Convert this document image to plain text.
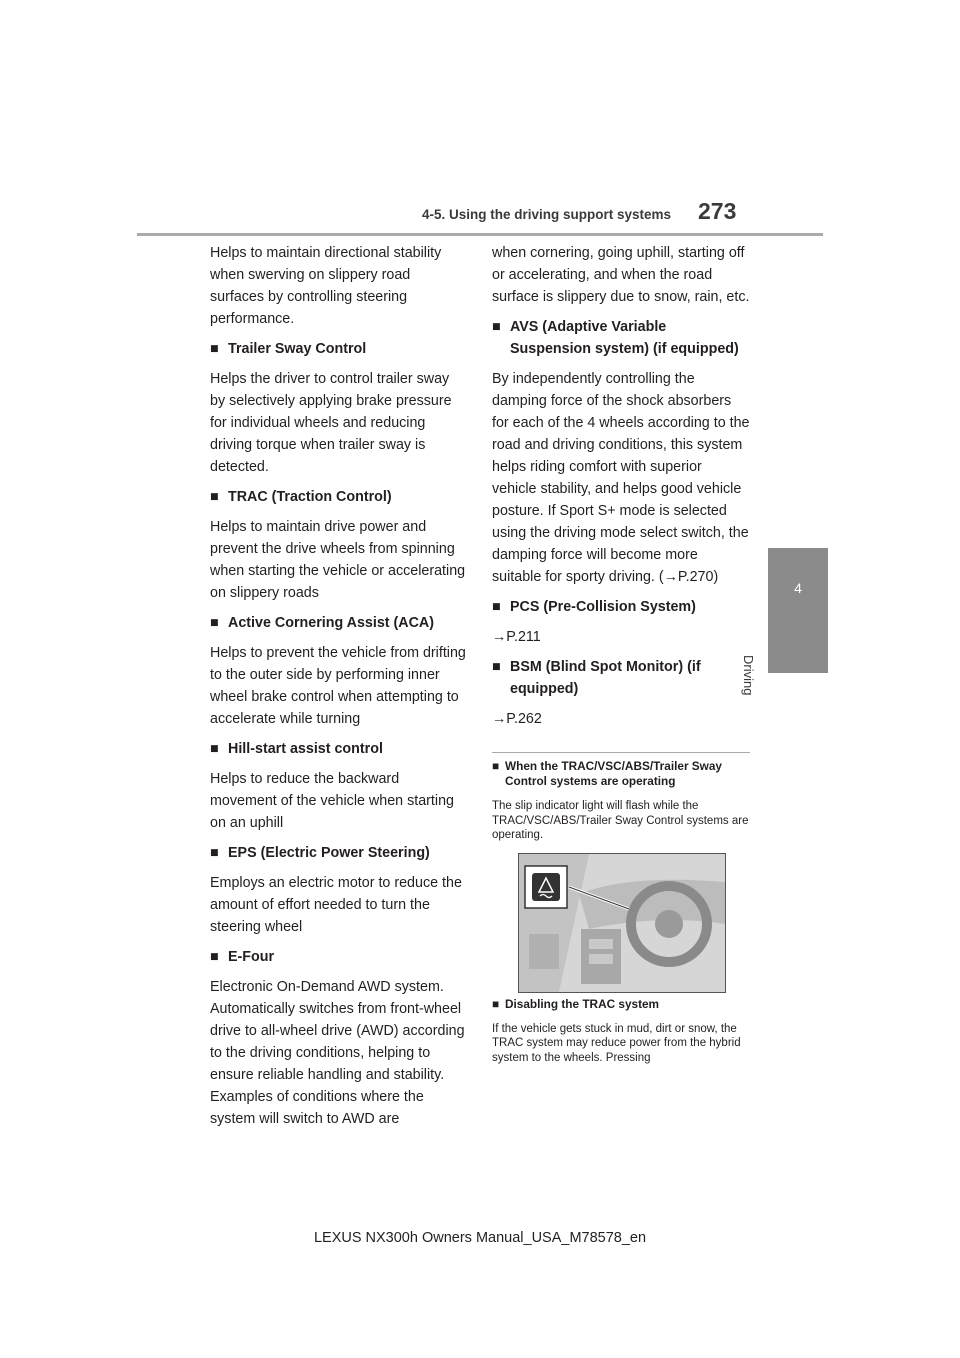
4-5. Using the driving support systems 273
4
Driving

Helps to maintain directional stability when swerving on slippery road surfaces by controlling steering performance.

■ Trailer Sway Control

Helps the driver to control trailer sway by selectively applying brake pressure for individual wheels and reducing driving torque when trailer sway is detected.

■ TRAC (Traction Control)

Helps to maintain drive power and prevent the drive wheels from spinning when starting the vehicle or accelerating on slippery roads

■ Active Cornering Assist (ACA)

Helps to prevent the vehicle from drifting to the outer side by performing inner wheel brake control when attempting to accelerate while turning

■ Hill-start assist control

Helps to reduce the backward movement of the vehicle when starting on an uphill

■ EPS (Electric Power Steering)

Employs an electric motor to reduce the amount of effort needed to turn the steering wheel

■ E-Four

Electronic On-Demand AWD system. Automatically switches from front-wheel drive to all-wheel drive (AWD) according to the driving conditions, helping to ensure reliable handling and stability. Examples of conditions where the system will switch to AWD are

when cornering, going uphill, starting off or accelerating, and when the road surface is slippery due to snow, rain, etc.

■ AVS (Adaptive Variable Suspension system) (if equipped)

By independently controlling the damping force of the shock absorbers for each of the 4 wheels according to the road and driving conditions, this system helps riding comfort with superior vehicle stability, and helps good vehicle posture. If Sport S+ mode is selected using the driving mode select switch, the damping force will become more suitable for sporty driving. (→P.270)

■ PCS (Pre-Collision System)

→P.211

■ BSM (Blind Spot Monitor) (if equipped)

→P.262

■ When the TRAC/VSC/ABS/Trailer Sway Control systems are operating

The slip indicator light will flash while the TRAC/VSC/ABS/Trailer Sway Control systems are operating.

■ Disabling the TRAC system

If the vehicle gets stuck in mud, dirt or snow, the TRAC system may reduce power from the hybrid system to the wheels. Pressing

LEXUS NX300h Owners Manual_USA_M78578_en
